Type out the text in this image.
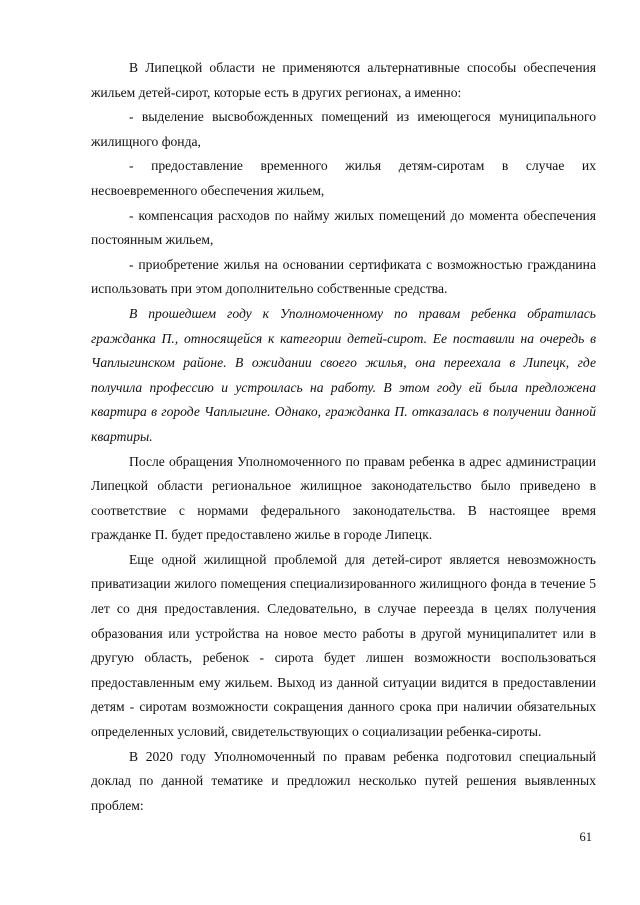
В Липецкой области не применяются альтернативные способы обеспечения жильем детей-сирот, которые есть в других регионах, а именно:

- выделение высвобожденных помещений из имеющегося муниципального жилищного фонда,

- предоставление временного жилья детям-сиротам в случае их несвоевременного обеспечения жильем,

- компенсация расходов по найму жилых помещений до момента обеспечения постоянным жильем,

- приобретение жилья на основании сертификата с возможностью гражданина использовать при этом дополнительно собственные средства.

В прошедшем году к Уполномоченному по правам ребенка обратилась гражданка П., относящейся к категории детей-сирот. Ее поставили на очередь в Чаплыгинском районе. В ожидании своего жилья, она переехала в Липецк, где получила профессию и устроилась на работу. В этом году ей была предложена квартира в городе Чаплыгине. Однако, гражданка П. отказалась в получении данной квартиры.

После обращения Уполномоченного по правам ребенка в адрес администрации Липецкой области региональное жилищное законодательство было приведено в соответствие с нормами федерального законодательства. В настоящее время гражданке П. будет предоставлено жилье в городе Липецк.

Еще одной жилищной проблемой для детей-сирот является невозможность приватизации жилого помещения специализированного жилищного фонда в течение 5 лет со дня предоставления. Следовательно, в случае переезда в целях получения образования или устройства на новое место работы в другой муниципалитет или в другую область, ребенок - сирота будет лишен возможности воспользоваться предоставленным ему жильем. Выход из данной ситуации видится в предоставлении детям - сиротам возможности сокращения данного срока при наличии обязательных определенных условий, свидетельствующих о социализации ребенка-сироты.

В 2020 году Уполномоченный по правам ребенка подготовил специальный доклад по данной тематике и предложил несколько путей решения выявленных проблем:

61
